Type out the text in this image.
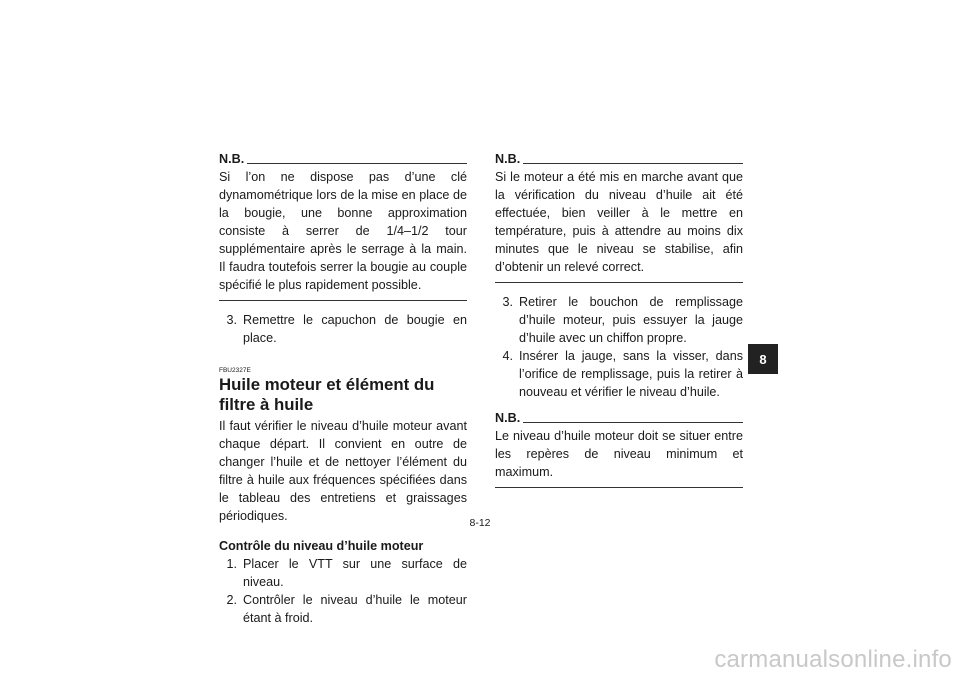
N.B.

Si l’on ne dispose pas d’une clé dynamométrique lors de la mise en place de la bougie, une bonne approximation consiste à serrer de 1/4–1/2 tour supplémentaire après le serrage à la main. Il faudra toutefois serrer la bougie au couple spécifié le plus rapidement possible.

3. Remettre le capuchon de bougie en place.
FBU2327E
Huile moteur et élément du filtre à huile

Il faut vérifier le niveau d’huile moteur avant chaque départ. Il convient en outre de changer l’huile et de nettoyer l’élément du filtre à huile aux fréquences spécifiées dans le tableau des entretiens et graissages périodiques.

Contrôle du niveau d’huile moteur
1. Placer le VTT sur une surface de niveau.
2. Contrôler le niveau d’huile le moteur étant à froid.
N.B.

Si le moteur a été mis en marche avant que la vérification du niveau d’huile ait été effectuée, bien veiller à le mettre en température, puis à attendre au moins dix minutes que le niveau se stabilise, afin d’obtenir un relevé correct.

3. Retirer le bouchon de remplissage d’huile moteur, puis essuyer la jauge d’huile avec un chiffon propre.
4. Insérer la jauge, sans la visser, dans l’orifice de remplissage, puis la retirer à nouveau et vérifier le niveau d’huile.
N.B.

Le niveau d’huile moteur doit se situer entre les repères de niveau minimum et maximum.

8
8-12
carmanualsonline.info
